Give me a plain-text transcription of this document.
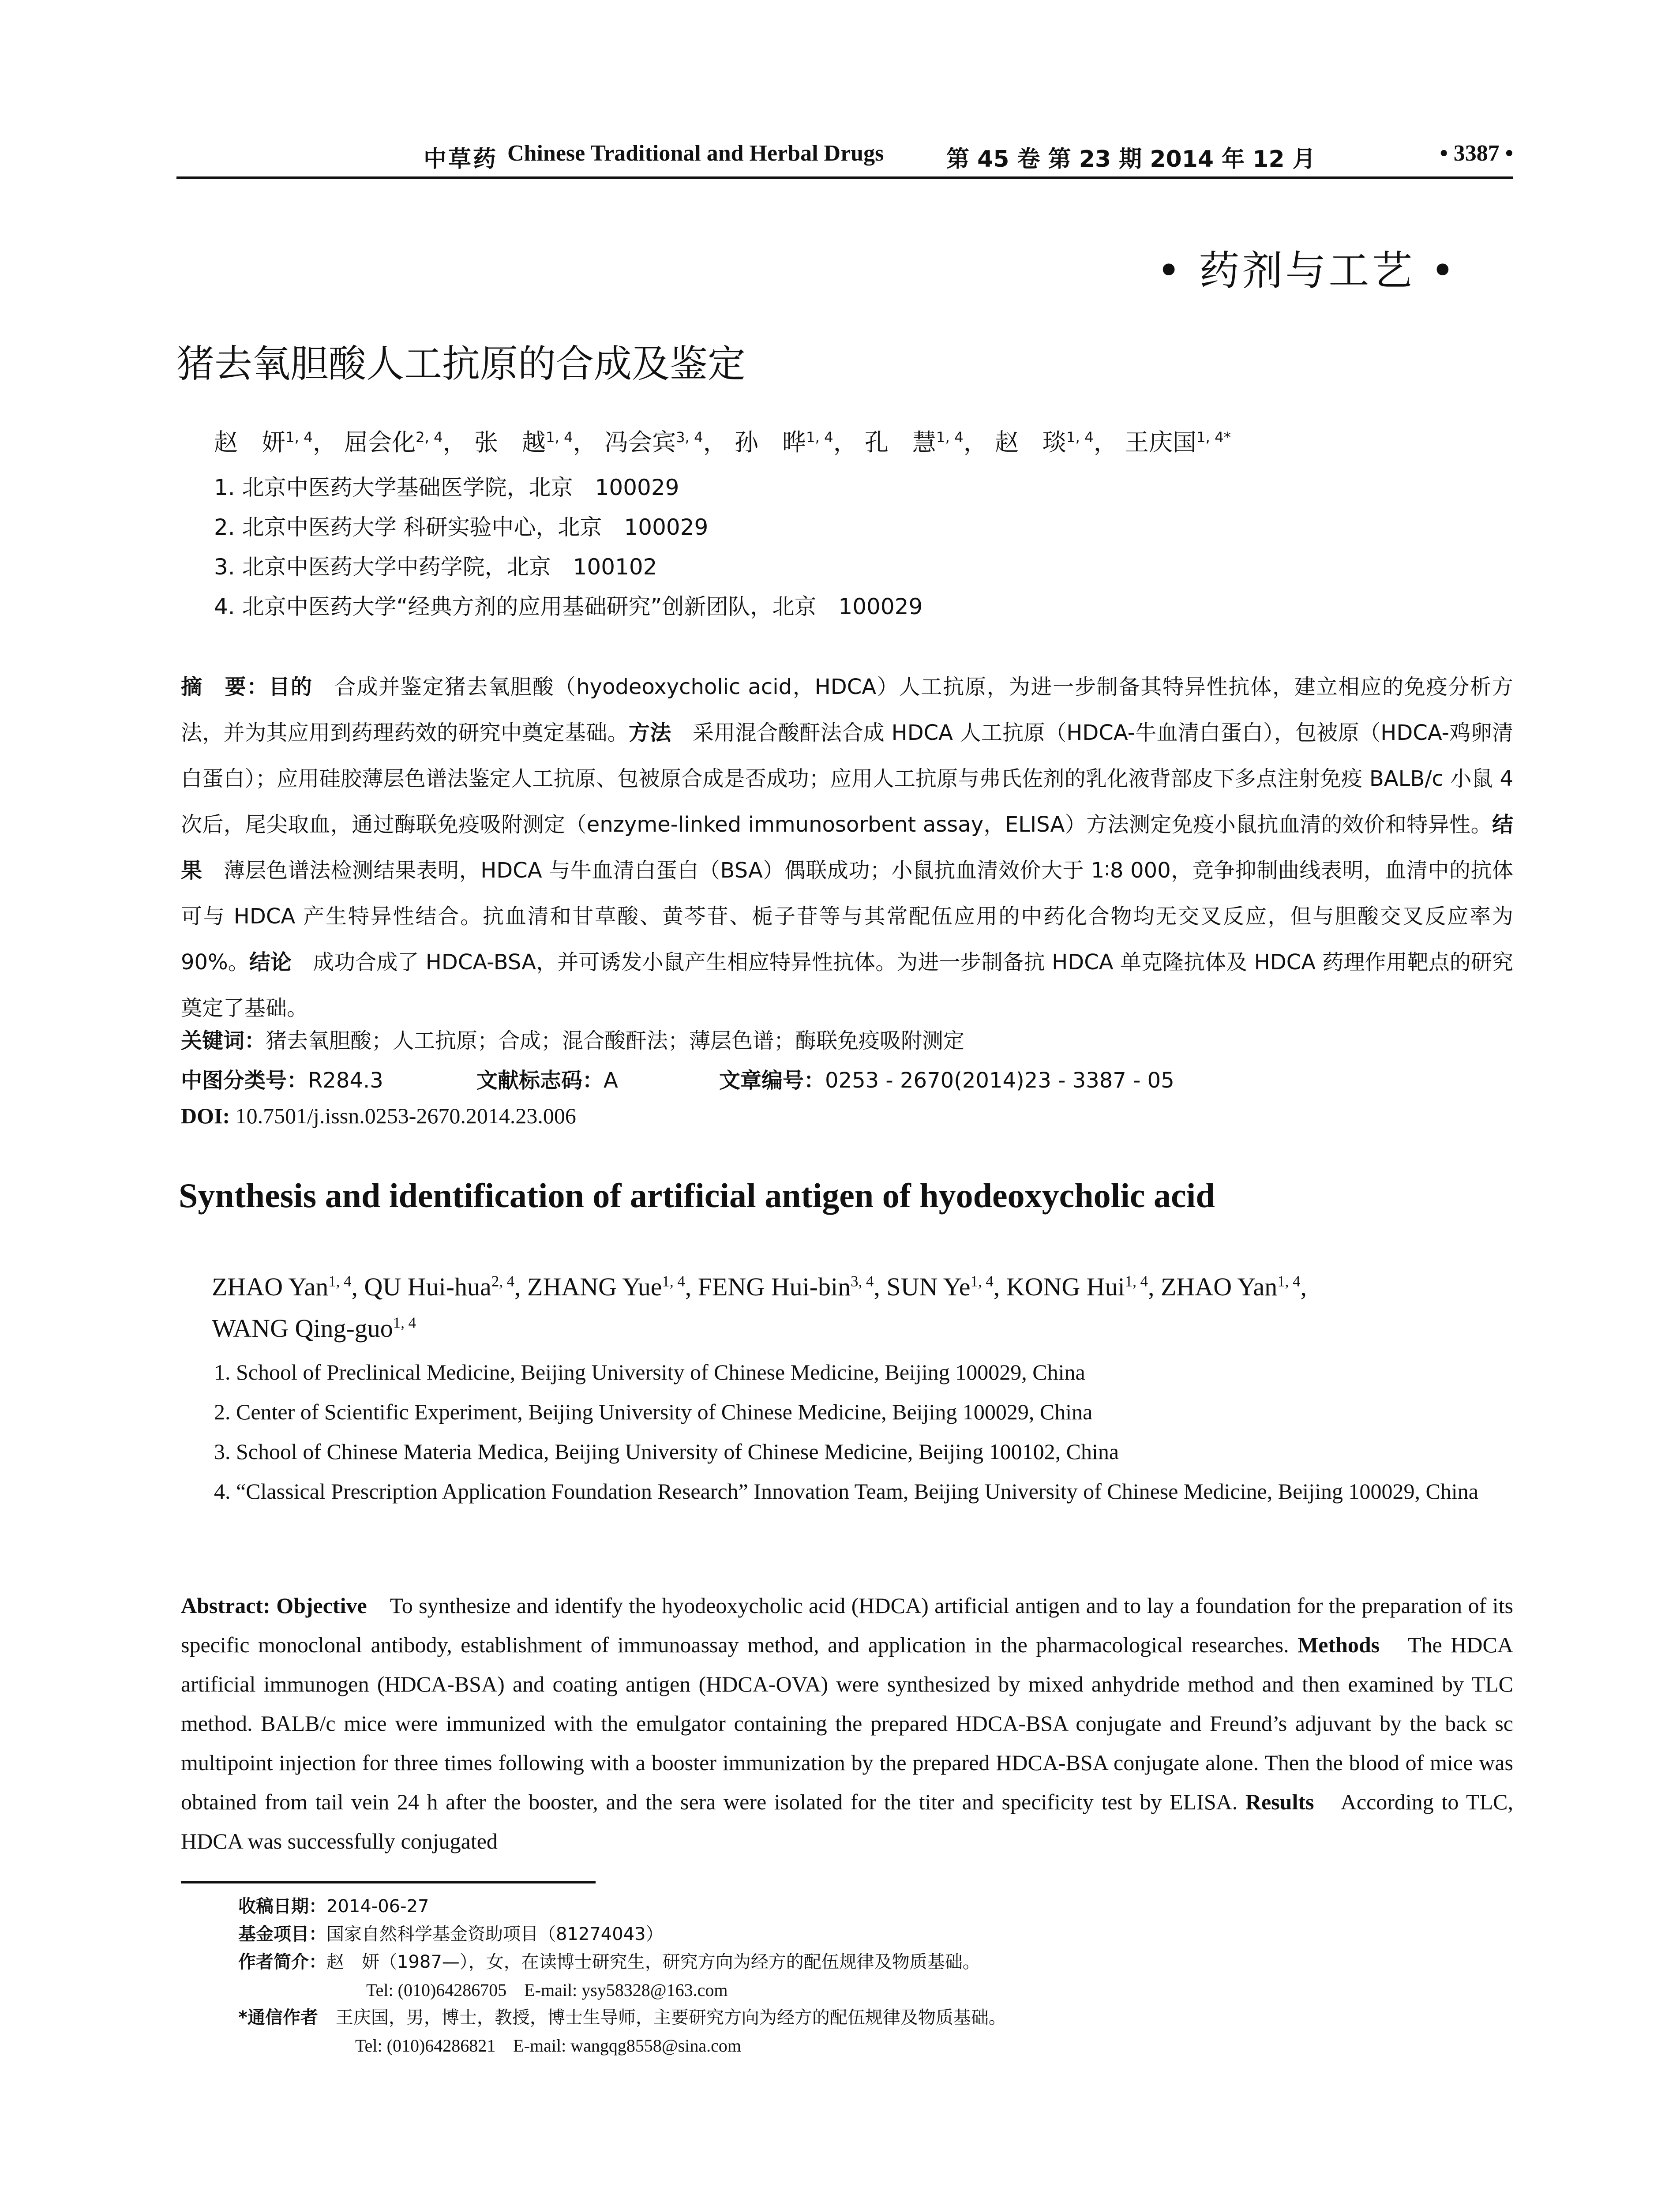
中草药 Chinese Traditional and Herbal Drugs	第 45 卷 第 23 期 2014 年 12 月	• 3387 •
• 药剂与工艺 •
猪去氧胆酸人工抗原的合成及鉴定
赵　妍$^{1, 4}$， 屈会化$^{2, 4}$， 张　越$^{1, 4}$， 冯会宾$^{3, 4}$， 孙　晔$^{1, 4}$， 孔　慧$^{1, 4}$， 赵　琰$^{1, 4}$， 王庆国$^{1, 4*}$
1. 北京中医药大学基础医学院，北京　100029
2. 北京中医药大学 科研实验中心，北京　100029
3. 北京中医药大学中药学院，北京　100102
4. 北京中医药大学“经典方剂的应用基础研究”创新团队，北京　100029
摘　要：目的　合成并鉴定猪去氧胆酸（hyodeoxycholic acid，HDCA）人工抗原，为进一步制备其特异性抗体，建立相应的免疫分析方法，并为其应用到药理药效的研究中奠定基础。方法　采用混合酸酐法合成 HDCA 人工抗原（HDCA-牛血清白蛋白），包被原（HDCA-鸡卵清白蛋白）；应用硅胶薄层色谱法鉴定人工抗原、包被原合成是否成功；应用人工抗原与弗氏佐剂的乳化液背部皮下多点注射免疫 BALB/c 小鼠 4 次后，尾尖取血，通过酶联免疫吸附测定（enzyme-linked immunosorbent assay，ELISA）方法测定免疫小鼠抗血清的效价和特异性。结果　薄层色谱法检测结果表明，HDCA 与牛血清白蛋白（BSA）偶联成功；小鼠抗血清效价大于 1∶8 000，竞争抑制曲线表明，血清中的抗体可与 HDCA 产生特异性结合。抗血清和甘草酸、黄芩苷、栀子苷等与其常配伍应用的中药化合物均无交叉反应，但与胆酸交叉反应率为 90%。结论　成功合成了 HDCA-BSA，并可诱发小鼠产生相应特异性抗体。为进一步制备抗 HDCA 单克隆抗体及 HDCA 药理作用靶点的研究奠定了基础。
关键词：猪去氧胆酸；人工抗原；合成；混合酸酐法；薄层色谱；酶联免疫吸附测定
中图分类号：R284.3	文献标志码：A	文章编号：0253 - 2670(2014)23 - 3387 - 05
DOI: 10.7501/j.issn.0253-2670.2014.23.006
Synthesis and identification of artificial antigen of hyodeoxycholic acid
ZHAO Yan$^{1, 4}$, QU Hui-hua$^{2, 4}$, ZHANG Yue$^{1, 4}$, FENG Hui-bin$^{3, 4}$, SUN Ye$^{1, 4}$, KONG Hui$^{1, 4}$, ZHAO Yan$^{1, 4}$,
WANG Qing-guo$^{1, 4}$
1. School of Preclinical Medicine, Beijing University of Chinese Medicine, Beijing 100029, China
2. Center of Scientific Experiment, Beijing University of Chinese Medicine, Beijing 100029, China
3. School of Chinese Materia Medica, Beijing University of Chinese Medicine, Beijing 100102, China
4. “Classical Prescription Application Foundation Research” Innovation Team, Beijing University of Chinese Medicine, Beijing 100029, China
Abstract: Objective　To synthesize and identify the hyodeoxycholic acid (HDCA) artificial antigen and to lay a foundation for the preparation of its specific monoclonal antibody, establishment of immunoassay method, and application in the pharmacological researches. Methods　The HDCA artificial immunogen (HDCA-BSA) and coating antigen (HDCA-OVA) were synthesized by mixed anhydride method and then examined by TLC method. BALB/c mice were immunized with the emulgator containing the prepared HDCA-BSA conjugate and Freund’s adjuvant by the back sc multipoint injection for three times following with a booster immunization by the prepared HDCA-BSA conjugate alone. Then the blood of mice was obtained from tail vein 24 h after the booster, and the sera were isolated for the titer and specificity test by ELISA. Results　According to TLC, HDCA was successfully conjugated
收稿日期：2014-06-27
基金项目：国家自然科学基金资助项目（81274043）
作者简介：赵　妍（1987—），女，在读博士研究生，研究方向为经方的配伍规律及物质基础。
Tel: (010)64286705　E-mail: ysy58328@163.com
*通信作者　王庆国，男，博士，教授，博士生导师，主要研究方向为经方的配伍规律及物质基础。
Tel: (010)64286821　E-mail: wangqg8558@sina.com
